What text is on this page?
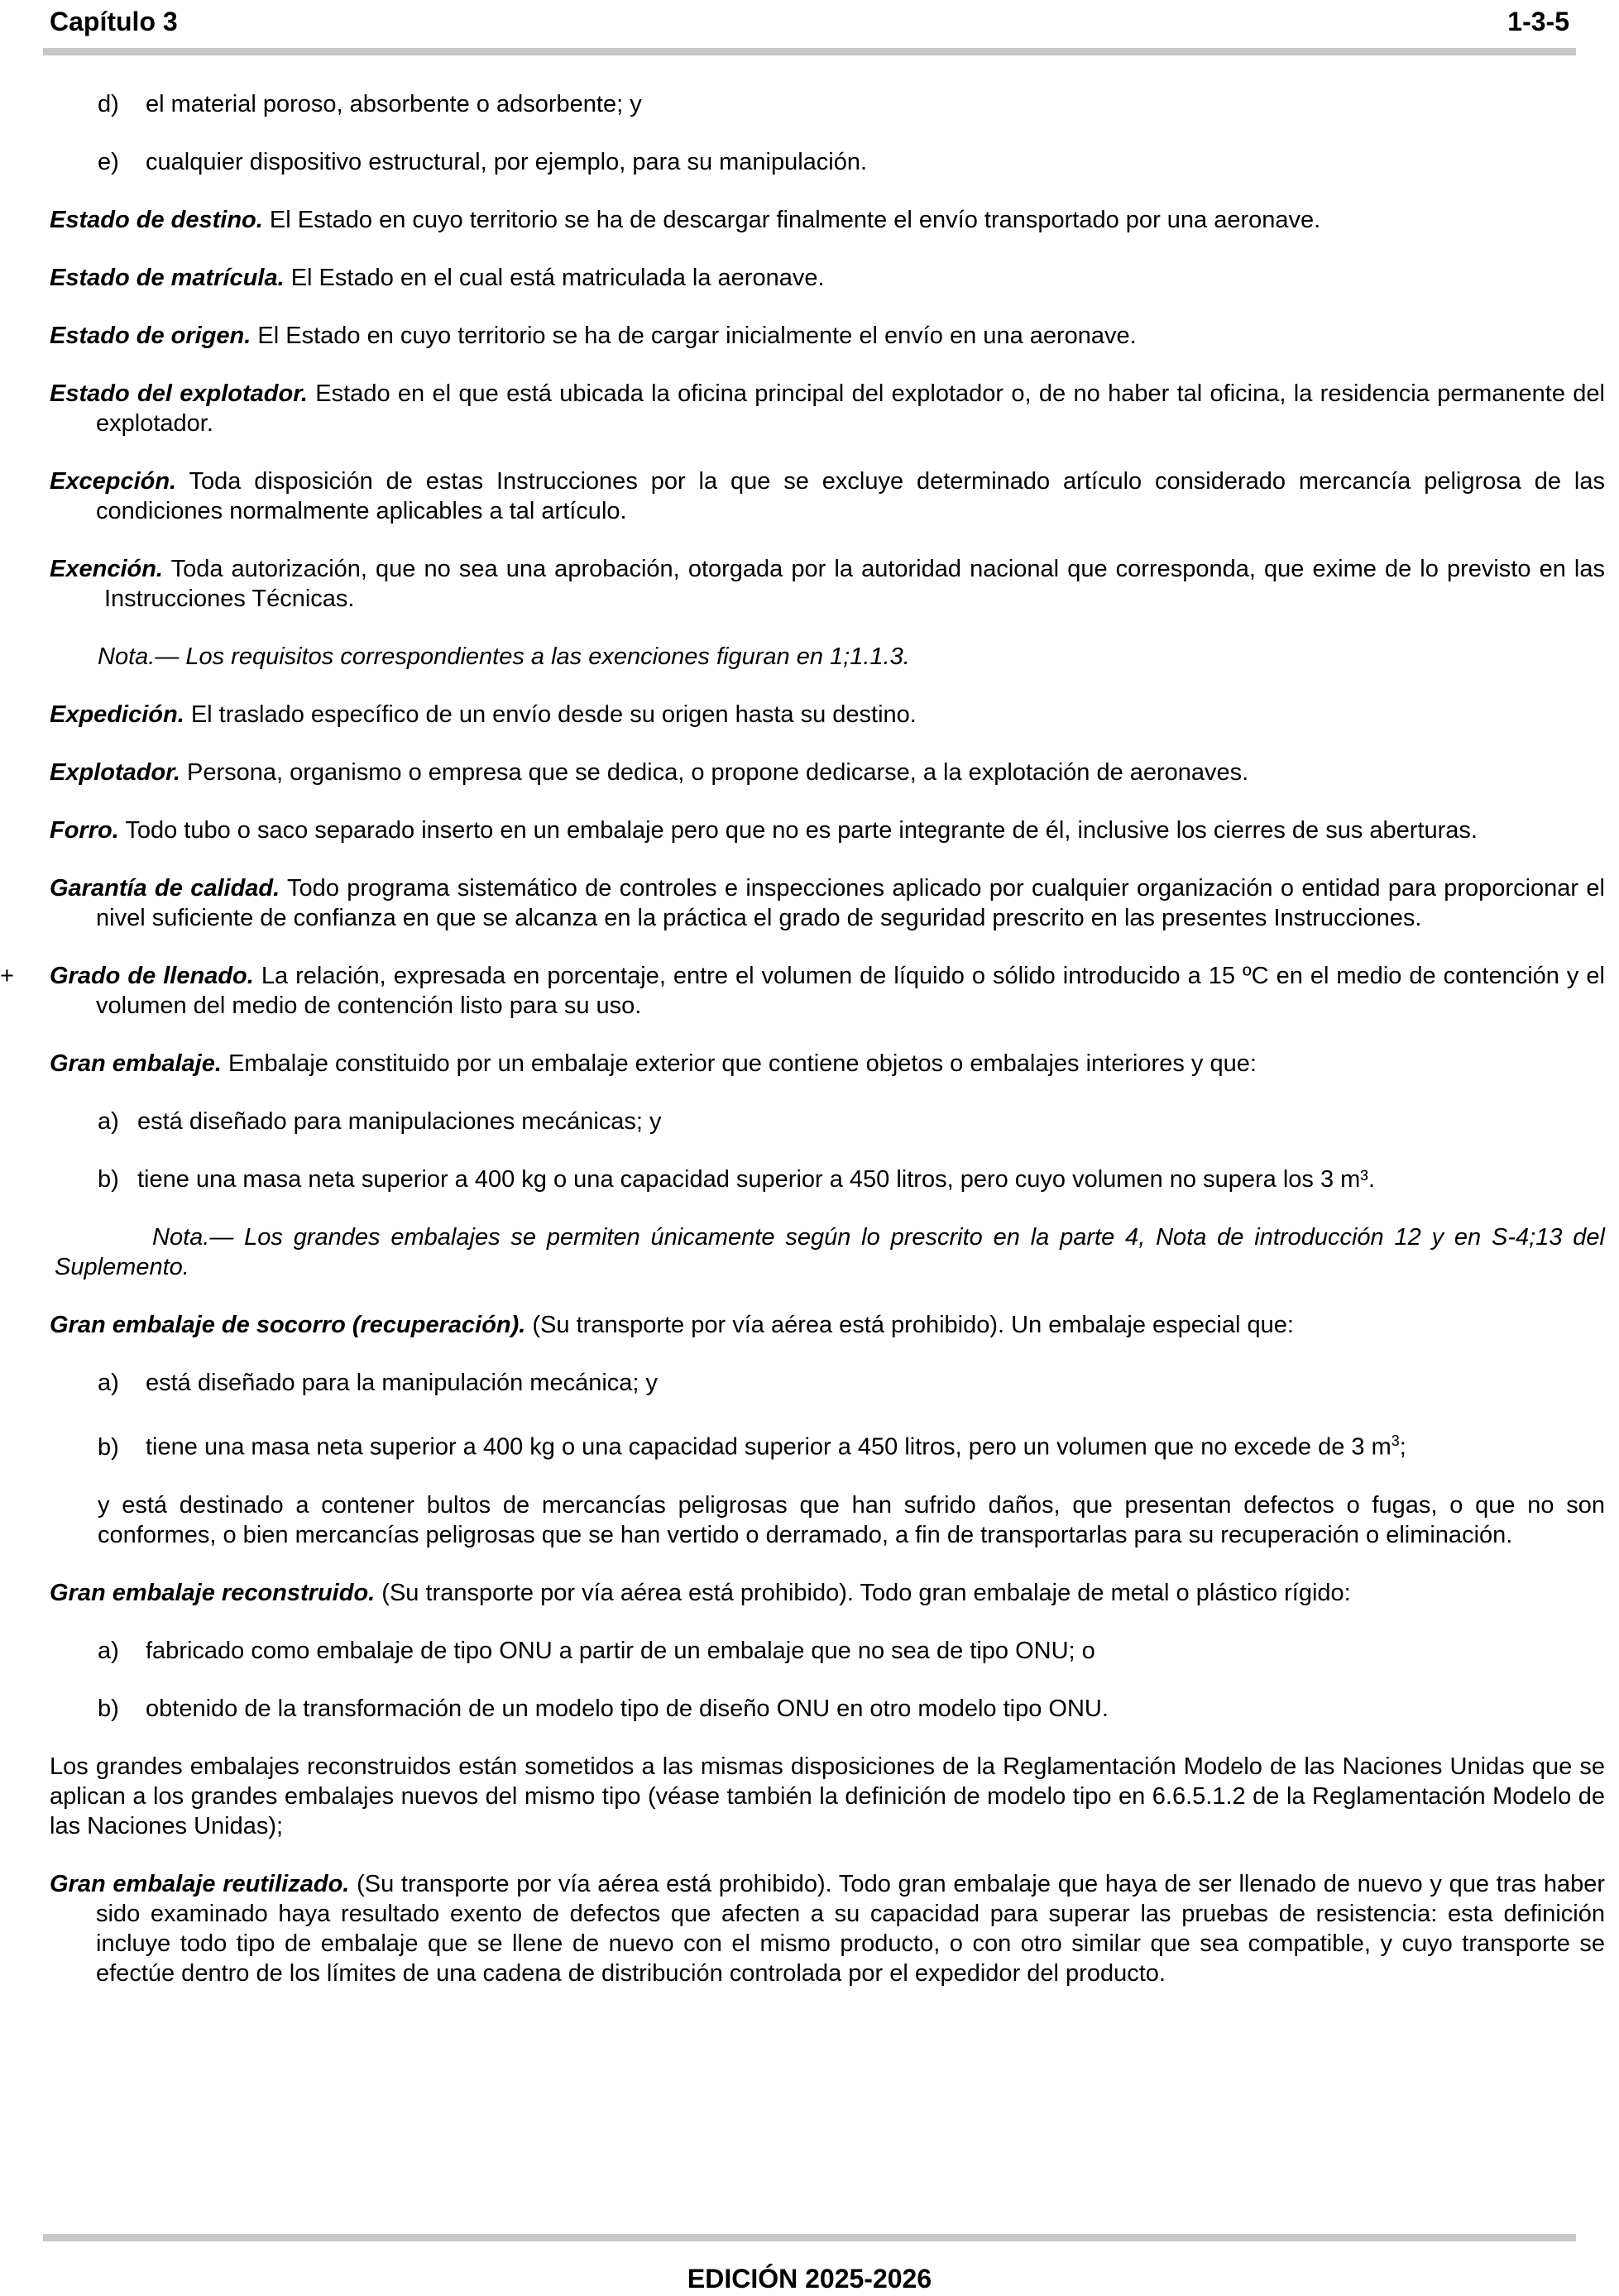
Capítulo 3	1-3-5

d) el material poroso, absorbente o adsorbente; y

e) cualquier dispositivo estructural, por ejemplo, para su manipulación.

Estado de destino. El Estado en cuyo territorio se ha de descargar finalmente el envío transportado por una aeronave.

Estado de matrícula. El Estado en el cual está matriculada la aeronave.

Estado de origen. El Estado en cuyo territorio se ha de cargar inicialmente el envío en una aeronave.

Estado del explotador. Estado en el que está ubicada la oficina principal del explotador o, de no haber tal oficina, la residencia permanente del explotador.

Excepción. Toda disposición de estas Instrucciones por la que se excluye determinado artículo considerado mercancía peligrosa de las condiciones normalmente aplicables a tal artículo.

Exención. Toda autorización, que no sea una aprobación, otorgada por la autoridad nacional que corresponda, que exime de lo previsto en las Instrucciones Técnicas.

Nota.— Los requisitos correspondientes a las exenciones figuran en 1;1.1.3.

Expedición. El traslado específico de un envío desde su origen hasta su destino.

Explotador. Persona, organismo o empresa que se dedica, o propone dedicarse, a la explotación de aeronaves.

Forro. Todo tubo o saco separado inserto en un embalaje pero que no es parte integrante de él, inclusive los cierres de sus aberturas.

Garantía de calidad. Todo programa sistemático de controles e inspecciones aplicado por cualquier organización o entidad para proporcionar el nivel suficiente de confianza en que se alcanza en la práctica el grado de seguridad prescrito en las presentes Instrucciones.

+ Grado de llenado. La relación, expresada en porcentaje, entre el volumen de líquido o sólido introducido a 15 ºC en el medio de contención y el volumen del medio de contención listo para su uso.

Gran embalaje. Embalaje constituido por un embalaje exterior que contiene objetos o embalajes interiores y que:

a) está diseñado para manipulaciones mecánicas; y

b) tiene una masa neta superior a 400 kg o una capacidad superior a 450 litros, pero cuyo volumen no supera los 3 m³.

Nota.— Los grandes embalajes se permiten únicamente según lo prescrito en la parte 4, Nota de introducción 12 y en S-4;13 del Suplemento.

Gran embalaje de socorro (recuperación). (Su transporte por vía aérea está prohibido). Un embalaje especial que:

a) está diseñado para la manipulación mecánica; y

b) tiene una masa neta superior a 400 kg o una capacidad superior a 450 litros, pero un volumen que no excede de 3 $m^3$;

y está destinado a contener bultos de mercancías peligrosas que han sufrido daños, que presentan defectos o fugas, o que no son conformes, o bien mercancías peligrosas que se han vertido o derramado, a fin de transportarlas para su recuperación o eliminación.

Gran embalaje reconstruido. (Su transporte por vía aérea está prohibido). Todo gran embalaje de metal o plástico rígido:

a) fabricado como embalaje de tipo ONU a partir de un embalaje que no sea de tipo ONU; o

b) obtenido de la transformación de un modelo tipo de diseño ONU en otro modelo tipo ONU.

Los grandes embalajes reconstruidos están sometidos a las mismas disposiciones de la Reglamentación Modelo de las Naciones Unidas que se aplican a los grandes embalajes nuevos del mismo tipo (véase también la definición de modelo tipo en 6.6.5.1.2 de la Reglamentación Modelo de las Naciones Unidas);

Gran embalaje reutilizado. (Su transporte por vía aérea está prohibido). Todo gran embalaje que haya de ser llenado de nuevo y que tras haber sido examinado haya resultado exento de defectos que afecten a su capacidad para superar las pruebas de resistencia: esta definición incluye todo tipo de embalaje que se llene de nuevo con el mismo producto, o con otro similar que sea compatible, y cuyo transporte se efectúe dentro de los límites de una cadena de distribución controlada por el expedidor del producto.

EDICIÓN 2025-2026
